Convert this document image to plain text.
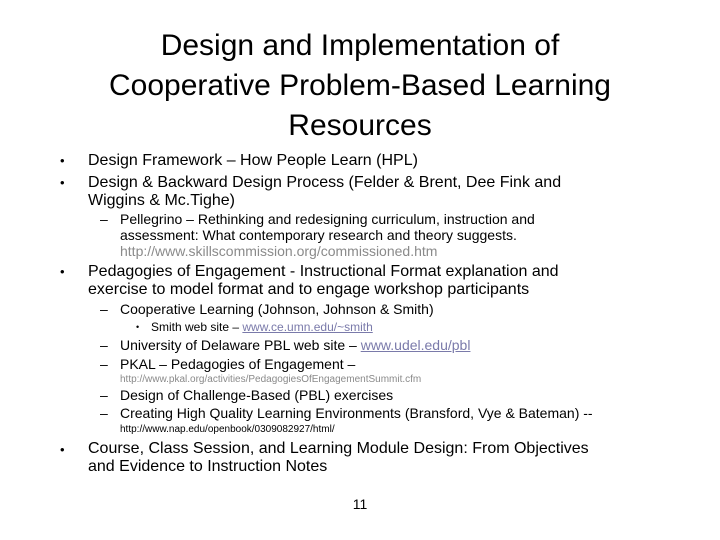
Design and Implementation of
Cooperative Problem-Based Learning
Resources
• Design Framework – How People Learn (HPL)
• Design & Backward Design Process (Felder & Brent, Dee Fink and
Wiggins & Mc.Tighe)
– Pellegrino – Rethinking and redesigning curriculum, instruction and
assessment: What contemporary research and theory suggests.
http://www.skillscommission.org/commissioned.htm
• Pedagogies of Engagement - Instructional Format explanation and
exercise to model format and to engage workshop participants
– Cooperative Learning (Johnson, Johnson & Smith)
• Smith web site – www.ce.umn.edu/~smith
– University of Delaware PBL web site – www.udel.edu/pbl
– PKAL – Pedagogies of Engagement –
http://www.pkal.org/activities/PedagogiesOfEngagementSummit.cfm
– Design of Challenge-Based (PBL) exercises
– Creating High Quality Learning Environments (Bransford, Vye & Bateman) --
http://www.nap.edu/openbook/0309082927/html/
• Course, Class Session, and Learning Module Design: From Objectives
and Evidence to Instruction Notes
11
